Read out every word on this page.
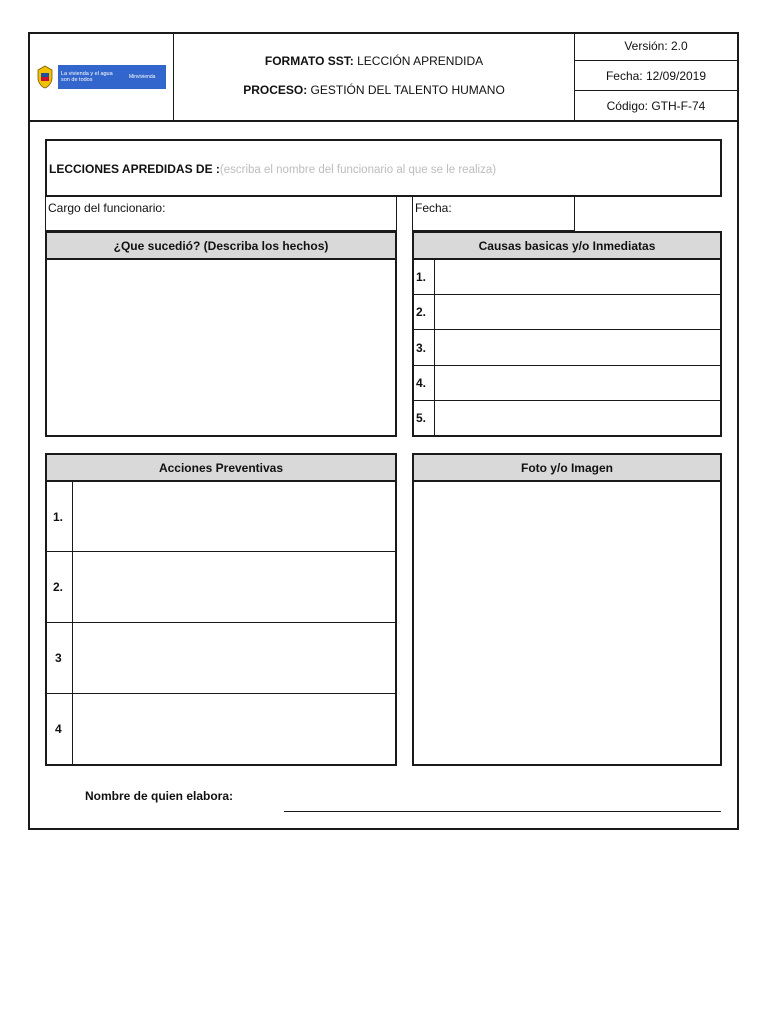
La vivienda y el agua
son de todos	Minvivienda
FORMATO SST: LECCIÓN APRENDIDA
PROCESO: GESTIÓN DEL TALENTO HUMANO
Versión: 2.0
Fecha: 12/09/2019
Código: GTH-F-74
LECCIONES APREDIDAS DE :(escriba el nombre del funcionario al que se le realiza)
Cargo del funcionario:	Fecha:
¿Que sucedió? (Describa los hechos)	Causas basicas y/o Inmediatas
1.
2.
3.
4.
5.
Acciones Preventivas
1.
2.
3
4
Foto y/o Imagen
Nombre de quien elabora:
